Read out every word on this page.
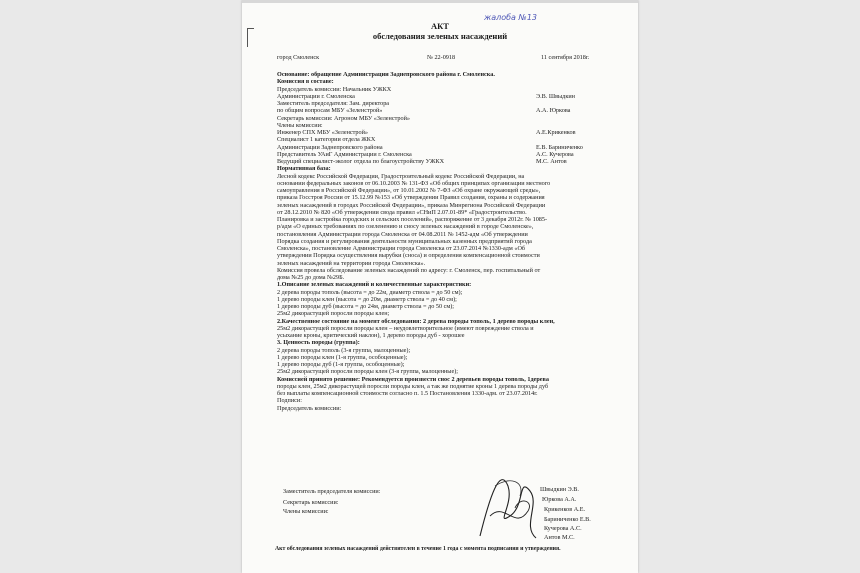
АКТ
обследования зеленых насаждений
жалоба №13
город Смоленск	№ 22-0918	11 сентября 2018г.
Основание: обращение Администрации Заднепровского района г. Смоленска.
Комиссия в составе:
Председатель комиссии: Начальник УЖКХ
Администрации г. Смоленска
Заместитель председателя: Зам. директора
по общим вопросам МБУ «Зеленстрой»
Секретарь комиссии: Агроном МБУ «Зеленстрой»
Члены комиссии:
Инженер СПХ МБУ «Зеленстрой»
Специалист 1 категории отдела ЖКХ
Администрации Заднепровского района
Представитель УАиГ Администрации г. Смоленска
Ведущий специалист-эколог отдела по благоустройству УЖКХ
Нормативная база:
Лесной кодекс Российской Федерации, Градостроительный кодекс Российской Федерации, на
основании федеральных законов от 06.10.2003 № 131-ФЗ «Об общих принципах организации местного
самоуправления в Российской Федерации», от 10.01.2002 № 7-ФЗ «Об охране окружающей среды»,
приказа Госстроя России от 15.12.99 №153 «Об утверждении Правил создания, охраны и содержания
зеленых насаждений в городах Российской Федерации», приказа Минрегиона Российской Федерации
от 28.12.2010 № 820 «Об утверждении свода правил «СНиП 2.07.01-89* «Градостроительство.
Планировка и застройка городских и сельских поселений», распоряжение от 3 декабря 2012г. № 1085-
р/адм «О единых требованиях по озеленению и сносу зеленых насаждений в городе Смоленске»,
постановления Администрации города Смоленска от 04.08.2011 № 1452-адм «Об утверждении
Порядка создания и регулирования деятельности муниципальных казенных предприятий города
Смоленска», постановление Администрации города Смоленска от 23.07.2014 №1330-адм «Об
утверждении Порядка осуществления вырубки (сноса) и определения компенсационной стоимости
зеленых насаждений на территории города Смоленска».
Комиссия провела обследование зеленых насаждений по адресу: г. Смоленск, пер. госпитальный от
дома №25 до дома №29Б.
1.Описание зеленых насаждений и количественные характеристики:
2 дерева породы тополь (высота = до 22м, диаметр ствола = до 50 см);
1 дерево породы клен (высота = до 20м, диаметр ствола = до 40 см);
1 дерево породы дуб (высота = до 24м, диаметр ствола = до 50 см);
25м2 дикорастущей поросли породы клен;
2.Качественное состояние на момент обследования: 2 дерева породы тополь, 1 дерево породы клен,
25м2 дикорастущей поросли породы клен – неудовлетворительное (имеют повреждение ствола и
усыхание кроны, критический наклон), 1 дерево породы дуб - хорошее
3. Ценность породы (группа):
2 дерева породы тополь (3-я группа, малоценные);
1 дерево породы клен (1-я группа, особоценные);
1 дерево породы дуб (1-я группа, особоценные);
25м2 дикорастущей поросли породы клен (3-я группа, малоценные);
Комиссией принято решение: Рекомендуется произвести снос 2 деревьев породы тополь, 1дерева
породы клен, 25м2 дикорастущей поросли породы клен, а так же поднятие кроны 1 дерева породы дуб
без выплаты компенсационной стоимости согласно п. 1.5 Постановления 1330-адм. от 23.07.2014г.
Подписи:
Председатель комиссии:
Э.В. Швыдкин
А.А. Юркова
А.Е.Крикенков
Е.В. Бариниченко
А.С. Кучерова
М.С. Антов
Заместитель председателя комиссии:
Секретарь комиссии:
Члены комиссии:
Швыдкин Э.В.
Юркова А.А.
Крикенков А.Е.
Бариниченко Е.В.
Кучерова А.С.
Антов М.С.
Акт обследования зеленых насаждений действителен в течение 1 года с момента подписания и утверждения.
